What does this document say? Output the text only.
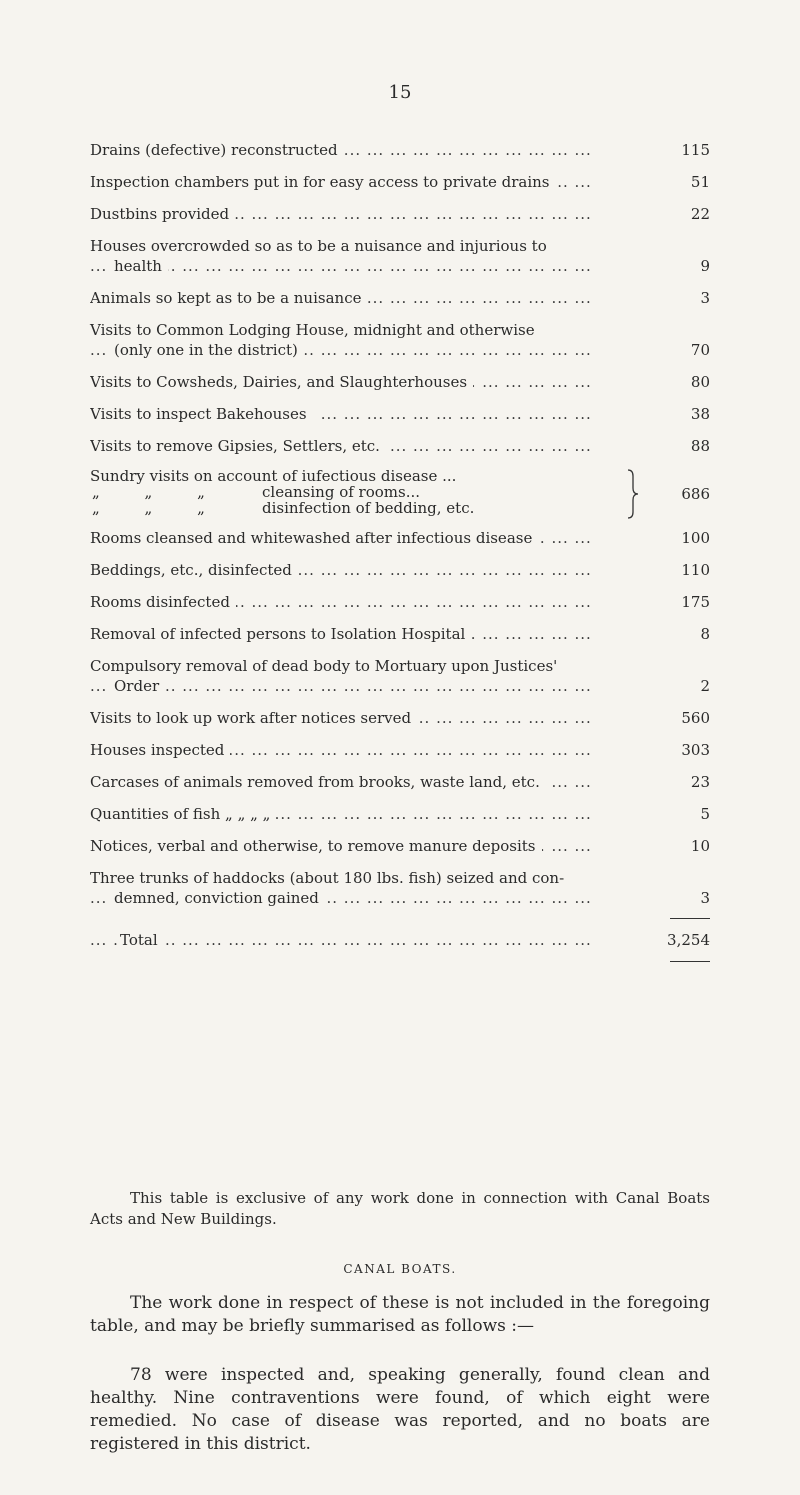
15
Drains (defective) reconstructed ... .	115
Inspection chambers put in for easy access to private drains ... .	51
Dustbins provided ... .	22
Houses overcrowded so as to be a nuisance and injurious to
health ... .	9
Animals so kept as to be a nuisance ... .	3
Visits to Common Lodging House, midnight and otherwise
(only one in the district) ... .	70
Visits to Cowsheds, Dairies, and Slaughterhouses ... .	80
Visits to inspect Bakehouses ... .	38
Visits to remove Gipsies, Settlers, etc. ... .	88
Sundry visits on account of iufectious disease ...
„ „ „ cleansing of rooms...
„ „ „ disinfection of bedding, etc.
686
Rooms cleansed and whitewashed after infectious disease ... .	100
Beddings, etc., disinfected ... .	110
Rooms disinfected ... .	175
Removal of infected persons to Isolation Hospital ... .	8
Compulsory removal of dead body to Mortuary upon Justices'
Order ... .	2
Visits to look up work after notices served ... .	560
Houses inspected ... .	303
Carcases of animals removed from brooks, waste land, etc. ... .	23
Quantities of fish „ „ „ „ ... .	5
Notices, verbal and otherwise, to remove manure deposits ... .	10
Three trunks of haddocks (about 180 lbs. fish) seized and con-
demned, conviction gained ... .	3
Total ... .	3,254
This table is exclusive of any work done in connection with Canal Boats Acts and New Buildings.
CANAL BOATS.
The work done in respect of these is not included in the foregoing table, and may be briefly summarised as follows :—
78 were inspected and, speaking generally, found clean and healthy. Nine contraventions were found, of which eight were remedied. No case of disease was reported, and no boats are registered in this district.
